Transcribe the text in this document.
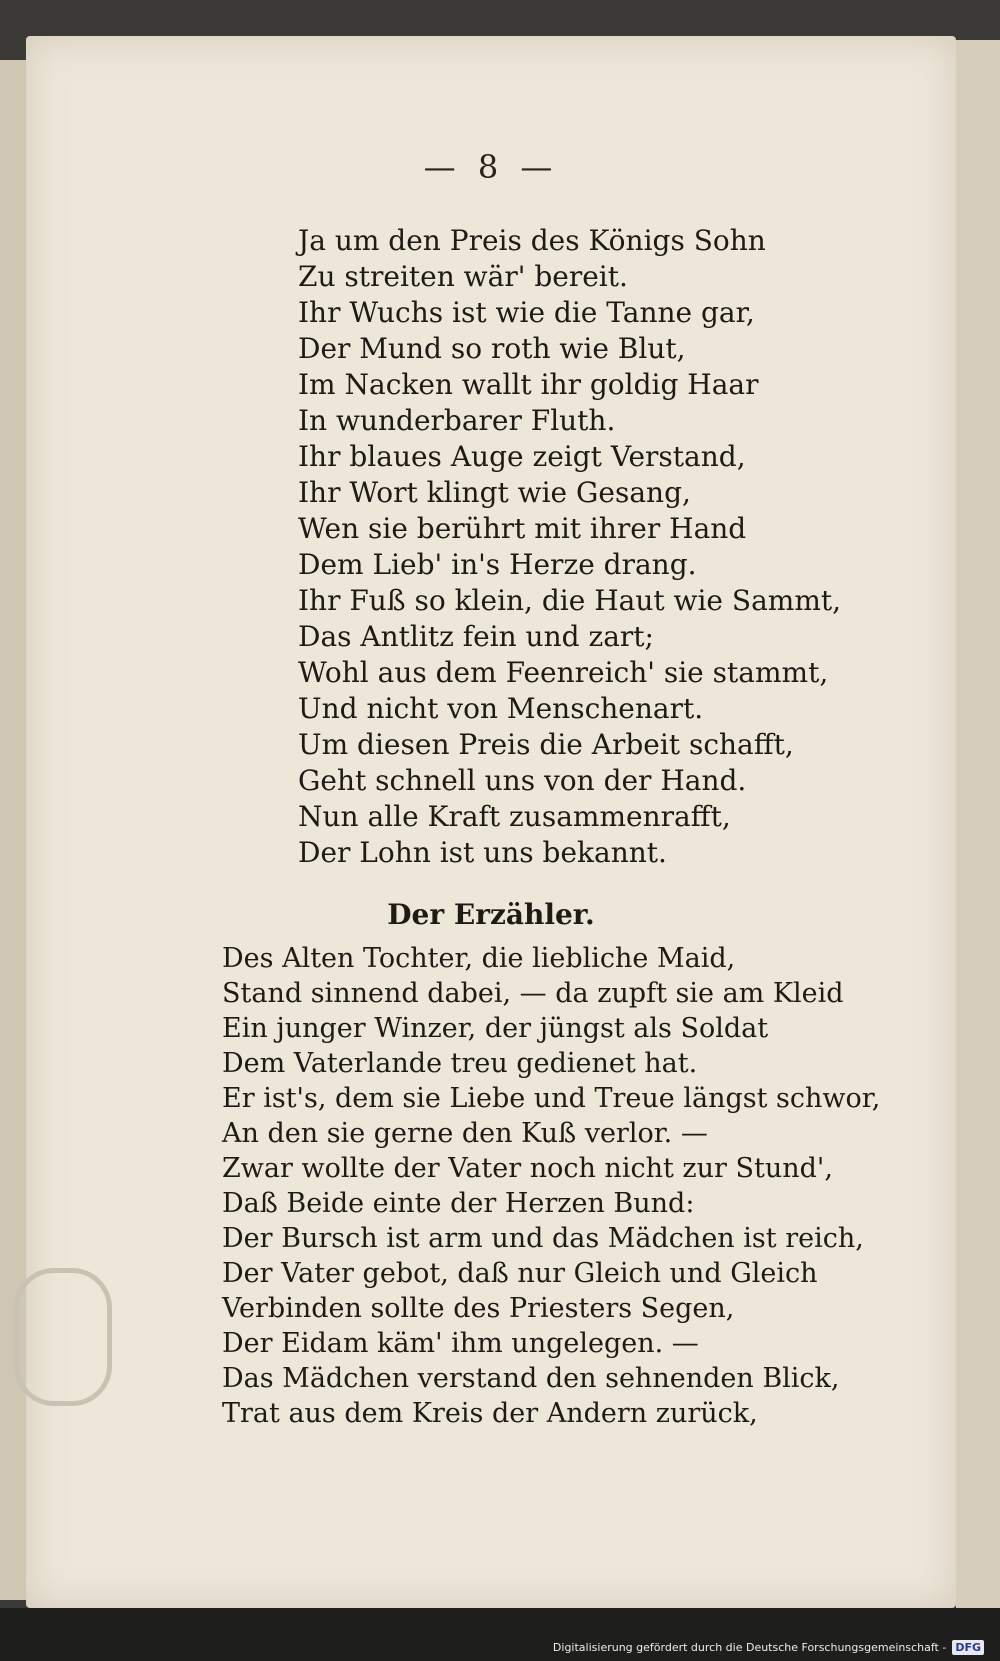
— 8 —
Ja um den Preis des Königs Sohn
Zu streiten wär' bereit.
Ihr Wuchs ist wie die Tanne gar,
Der Mund so roth wie Blut,
Im Nacken wallt ihr goldig Haar
In wunderbarer Fluth.
Ihr blaues Auge zeigt Verstand,
Ihr Wort klingt wie Gesang,
Wen sie berührt mit ihrer Hand
Dem Lieb' in's Herze drang.
Ihr Fuß so klein, die Haut wie Sammt,
Das Antlitz fein und zart;
Wohl aus dem Feenreich' sie stammt,
Und nicht von Menschenart.
Um diesen Preis die Arbeit schafft,
Geht schnell uns von der Hand.
Nun alle Kraft zusammenrafft,
Der Lohn ist uns bekannt.
Der Erzähler.
Des Alten Tochter, die liebliche Maid,
Stand sinnend dabei, — da zupft sie am Kleid
Ein junger Winzer, der jüngst als Soldat
Dem Vaterlande treu gedienet hat.
Er ist's, dem sie Liebe und Treue längst schwor,
An den sie gerne den Kuß verlor. —
Zwar wollte der Vater noch nicht zur Stund',
Daß Beide einte der Herzen Bund:
Der Bursch ist arm und das Mädchen ist reich,
Der Vater gebot, daß nur Gleich und Gleich
Verbinden sollte des Priesters Segen,
Der Eidam käm' ihm ungelegen. —
Das Mädchen verstand den sehnenden Blick,
Trat aus dem Kreis der Andern zurück,
Digitalisierung gefördert durch die Deutsche Forschungsgemeinschaft - DFG
